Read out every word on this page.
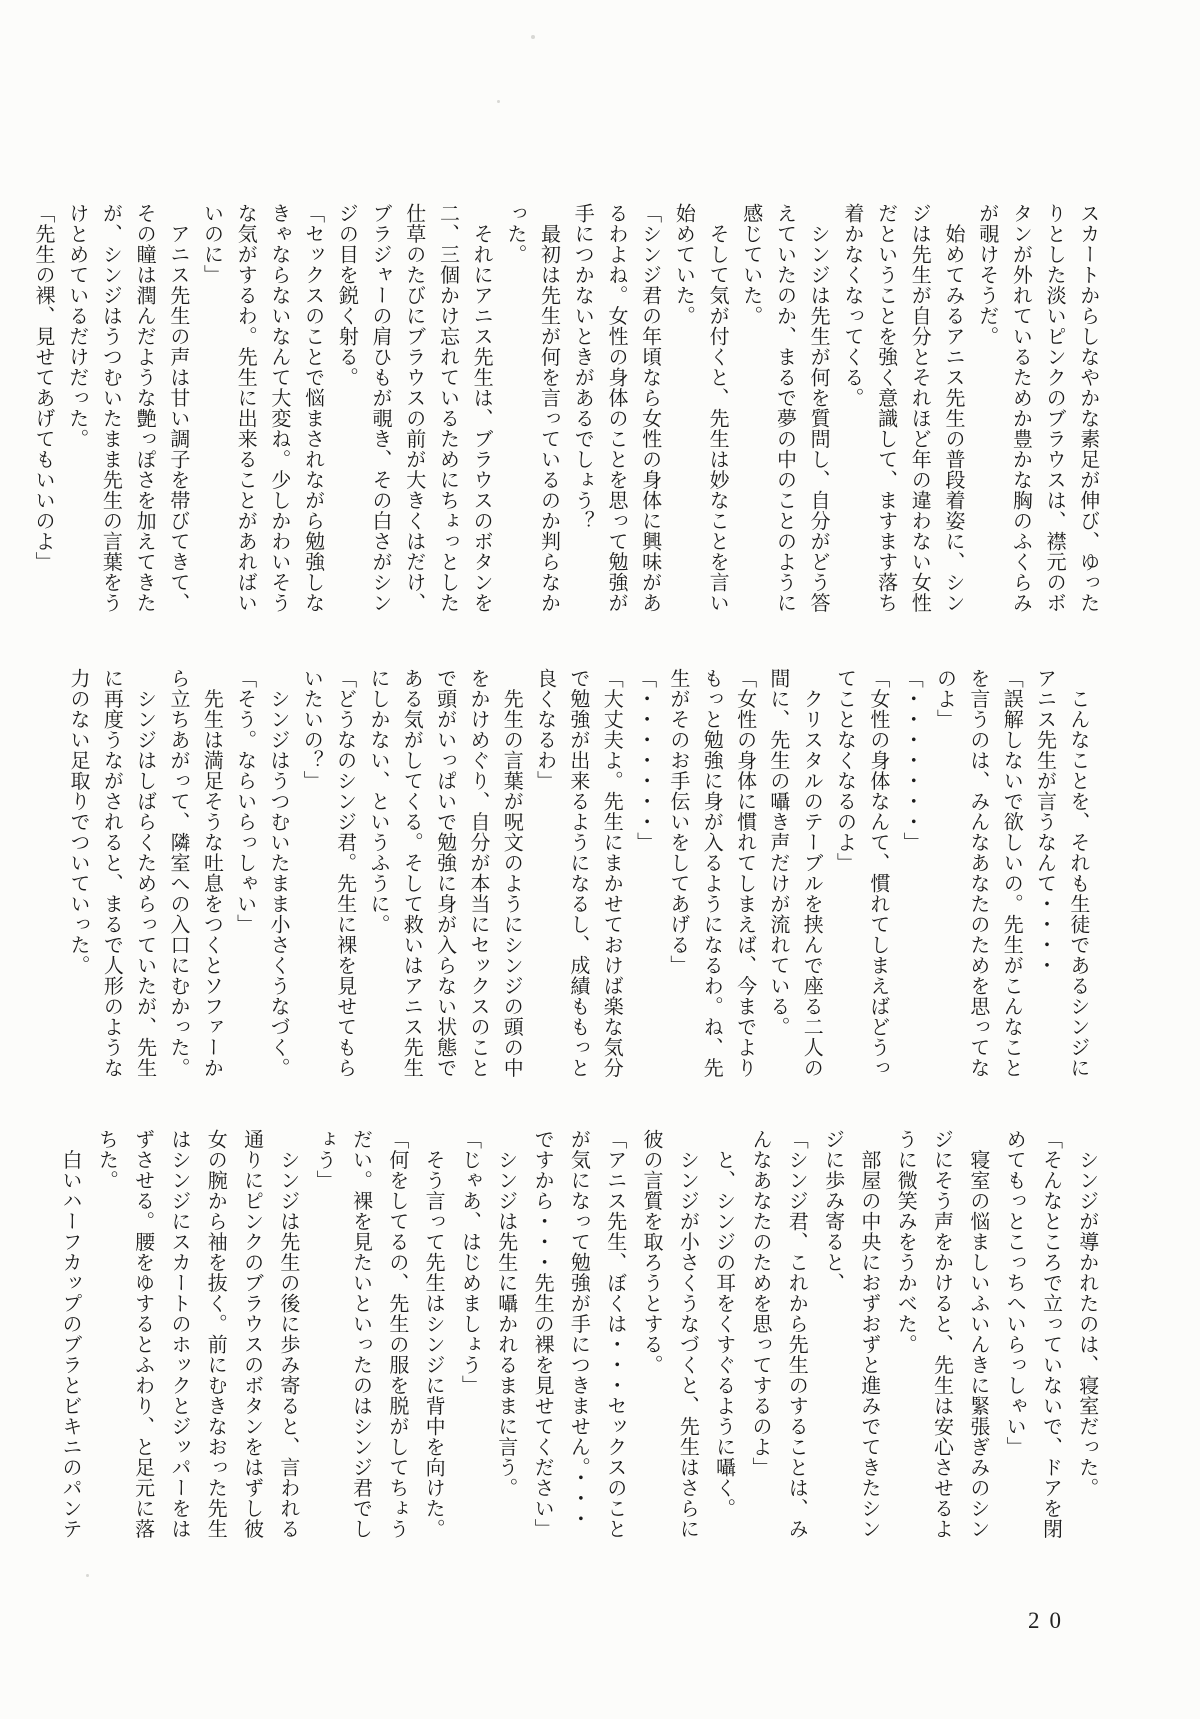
スカートからしなやかな素足が伸び、ゆった
りとした淡いピンクのブラウスは、襟元のボ
タンが外れているためか豊かな胸のふくらみ
が覗けそうだ。
　始めてみるアニス先生の普段着姿に、シン
ジは先生が自分とそれほど年の違わない女性
だということを強く意識して、ますます落ち
着かなくなってくる。
　シンジは先生が何を質問し、自分がどう答
えていたのか、まるで夢の中のことのように
感じていた。
　そして気が付くと、先生は妙なことを言い
始めていた。
「シンジ君の年頃なら女性の身体に興味があ
るわよね。女性の身体のことを思って勉強が
手につかないときがあるでしょう？
　最初は先生が何を言っているのか判らなか
った。
　それにアニス先生は、ブラウスのボタンを
二、三個かけ忘れているためにちょっとした
仕草のたびにブラウスの前が大きくはだけ、
ブラジャーの肩ひもが覗き、その白さがシン
ジの目を鋭く射る。
「セックスのことで悩まされながら勉強しな
きゃならないなんて大変ね。少しかわいそう
な気がするわ。先生に出来ることがあればい
いのに」
　アニス先生の声は甘い調子を帯びてきて、
その瞳は潤んだような艶っぽさを加えてきた
が、シンジはうつむいたまま先生の言葉をう
けとめているだけだった。
「先生の裸、見せてあげてもいいのよ」
　こんなことを、それも生徒であるシンジに
アニス先生が言うなんて・・・・
「誤解しないで欲しいの。先生がこんなこと
を言うのは、みんなあなたのためを思ってな
のよ」
「・・・・・・・」
「女性の身体なんて、慣れてしまえばどうっ
てことなくなるのよ」
　クリスタルのテーブルを挟んで座る二人の
間に、先生の囁き声だけが流れている。
「女性の身体に慣れてしまえば、今までより
もっと勉強に身が入るようになるわ。ね、先
生がそのお手伝いをしてあげる」
「・・・・・・・」
「大丈夫よ。先生にまかせておけば楽な気分
で勉強が出来るようになるし、成績ももっと
良くなるわ」
　先生の言葉が呪文のようにシンジの頭の中
をかけめぐり、自分が本当にセックスのこと
で頭がいっぱいで勉強に身が入らない状態で
ある気がしてくる。そして救いはアニス先生
にしかない、というふうに。
「どうなのシンジ君。先生に裸を見せてもら
いたいの？」
　シンジはうつむいたまま小さくうなづく。
「そう。ならいらっしゃい」
　先生は満足そうな吐息をつくとソファーか
ら立ちあがって、隣室への入口にむかった。
　シンジはしばらくためらっていたが、先生
に再度うながされると、まるで人形のような
力のない足取りでついていった。
　シンジが導かれたのは、寝室だった。
「そんなところで立っていないで、ドアを閉
めてもっとこっちへいらっしゃい」
　寝室の悩ましいふいんきに緊張ぎみのシン
ジにそう声をかけると、先生は安心させるよ
うに微笑みをうかべた。
　部屋の中央におずおずと進みでてきたシン
ジに歩み寄ると、
「シンジ君、これから先生のすることは、み
んなあなたのためを思ってするのよ」
　と、シンジの耳をくすぐるように囁く。
　シンジが小さくうなづくと、先生はさらに
彼の言質を取ろうとする。
「アニス先生、ぼくは・・・セックスのこと
が気になって勉強が手につきません。・・・
ですから・・・先生の裸を見せてください」
　シンジは先生に囁かれるままに言う。
「じゃあ、はじめましょう」
　そう言って先生はシンジに背中を向けた。
「何をしてるの、先生の服を脱がしてちょう
だい。裸を見たいといったのはシンジ君でし
ょう」
　シンジは先生の後に歩み寄ると、言われる
通りにピンクのブラウスのボタンをはずし彼
女の腕から袖を抜く。前にむきなおった先生
はシンジにスカートのホックとジッパーをは
ずさせる。腰をゆするとふわり、と足元に落
ちた。
　白いハーフカップのブラとビキニのパンテ
20
